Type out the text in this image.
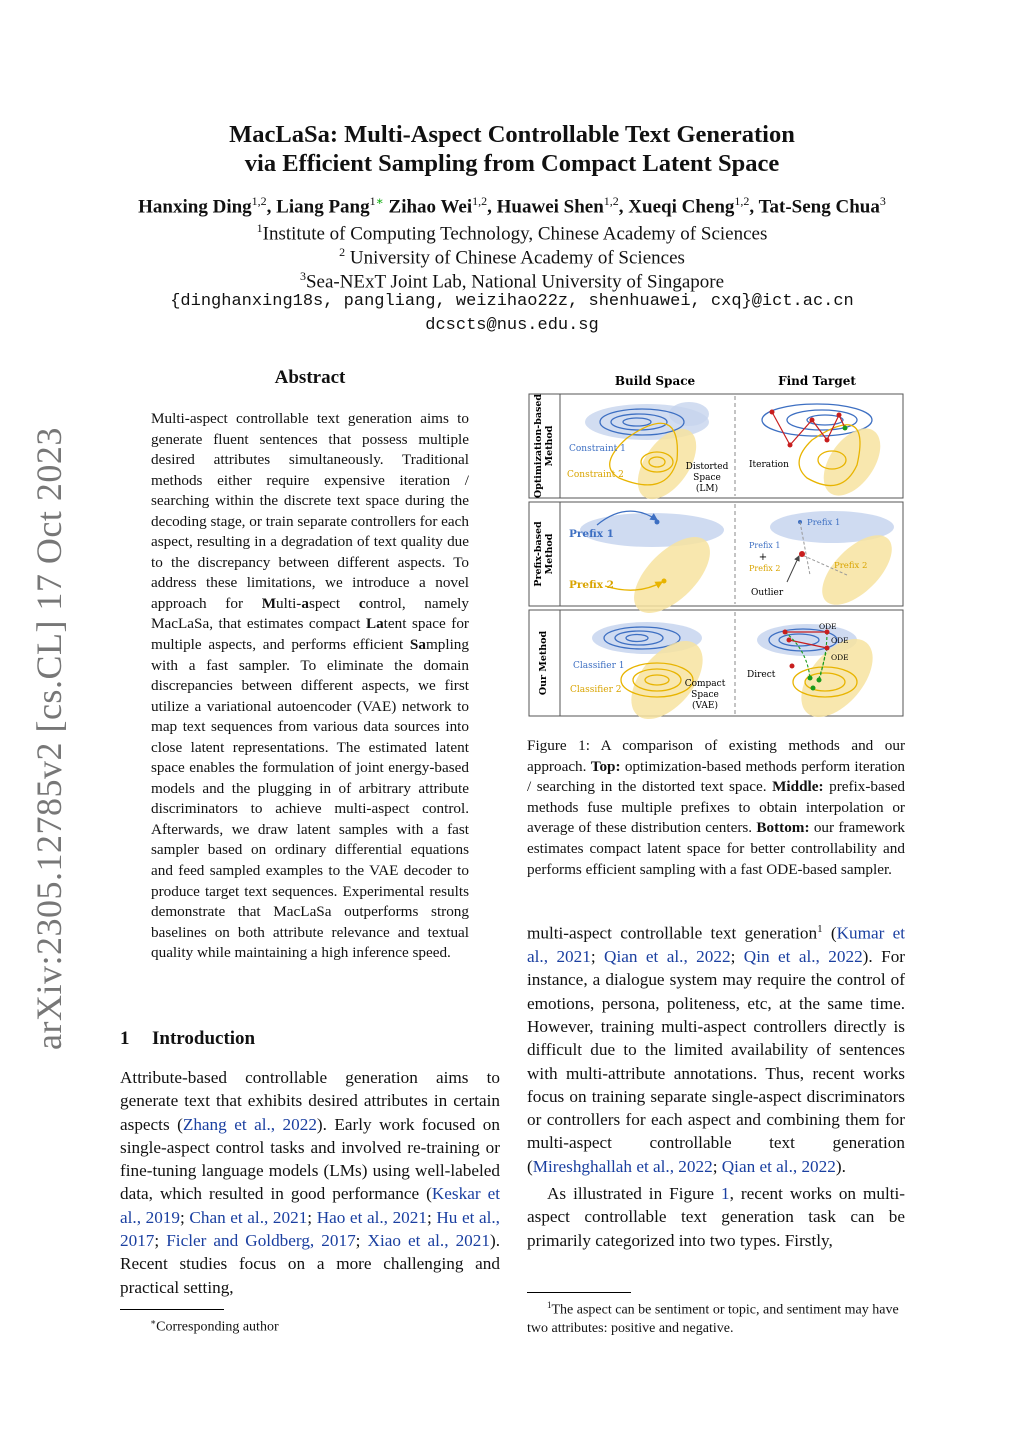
arXiv:2305.12785v2 [cs.CL] 17 Oct 2023
MacLaSa: Multi-Aspect Controllable Text Generation
via Efficient Sampling from Compact Latent Space
Hanxing Ding$^{1,2}$, Liang Pang$^{1∗}$ Zihao Wei$^{1,2}$, Huawei Shen$^{1,2}$, Xueqi Cheng$^{1,2}$, Tat-Seng Chua$^3$
$^1$Institute of Computing Technology, Chinese Academy of Sciences
$^2$ University of Chinese Academy of Sciences
$^3$Sea-NExT Joint Lab, National University of Singapore
{dinghanxing18s, pangliang, weizihao22z, shenhuawei, cxq}@ict.ac.cn
dcscts@nus.edu.sg
Abstract
Multi-aspect controllable text generation aims to generate fluent sentences that possess multiple desired attributes simultaneously. Traditional methods either require expensive iteration / searching within the discrete text space during the decoding stage, or train separate controllers for each aspect, resulting in a degradation of text quality due to the discrepancy between different aspects. To address these limitations, we introduce a novel approach for Multi-aspect control, namely MacLaSa, that estimates compact Latent space for multiple aspects, and performs efficient Sampling with a fast sampler. To eliminate the domain discrepancies between different aspects, we first utilize a variational autoencoder (VAE) network to map text sequences from various data sources into close latent representations. The estimated latent space enables the formulation of joint energy-based models and the plugging in of arbitrary attribute discriminators to achieve multi-aspect control. Afterwards, we draw latent samples with a fast sampler based on ordinary differential equations and feed sampled examples to the VAE decoder to produce target text sequences. Experimental results demonstrate that MacLaSa outperforms strong baselines on both attribute relevance and textual quality while maintaining a high inference speed.
1 Introduction
Attribute-based controllable generation aims to generate text that exhibits desired attributes in certain aspects (Zhang et al., 2022). Early work focused on single-aspect control tasks and involved re-training or fine-tuning language models (LMs) using well-labeled data, which resulted in good performance (Keskar et al., 2019; Chan et al., 2021; Hao et al., 2021; Hu et al., 2017; Ficler and Goldberg, 2017; Xiao et al., 2021). Recent studies focus on a more challenging and practical setting,
∗Corresponding author
Build Space	Find Target
Optimization-basedMethod
Prefix-basedMethod
Our Method
Constraint 1
Constraint 2
Distorted
Space
(LM)
Iteration
Prefix 1
Prefix 2
Prefix 1
Prefix 2
Prefix 1
+
Prefix 2
Outlier
Classifier 1
Classifier 2
Compact
Space
(VAE)
ODE
ODE
ODE
Direct
Figure 1: A comparison of existing methods and our approach. Top: optimization-based methods perform iteration / searching in the distorted text space. Middle: prefix-based methods fuse multiple prefixes to obtain interpolation or average of these distribution centers. Bottom: our framework estimates compact latent space for better controllability and performs efficient sampling with a fast ODE-based sampler.
multi-aspect controllable text generation$^1$ (Kumar et al., 2021; Qian et al., 2022; Qin et al., 2022). For instance, a dialogue system may require the control of emotions, persona, politeness, etc, at the same time. However, training multi-aspect controllers directly is difficult due to the limited availability of sentences with multi-attribute annotations. Thus, recent works focus on training separate single-aspect discriminators or controllers for each aspect and combining them for multi-aspect controllable text generation (Mireshghallah et al., 2022; Qian et al., 2022).
As illustrated in Figure 1, recent works on multi-aspect controllable text generation task can be primarily categorized into two types. Firstly,
$^1$The aspect can be sentiment or topic, and sentiment may have two attributes: positive and negative.
